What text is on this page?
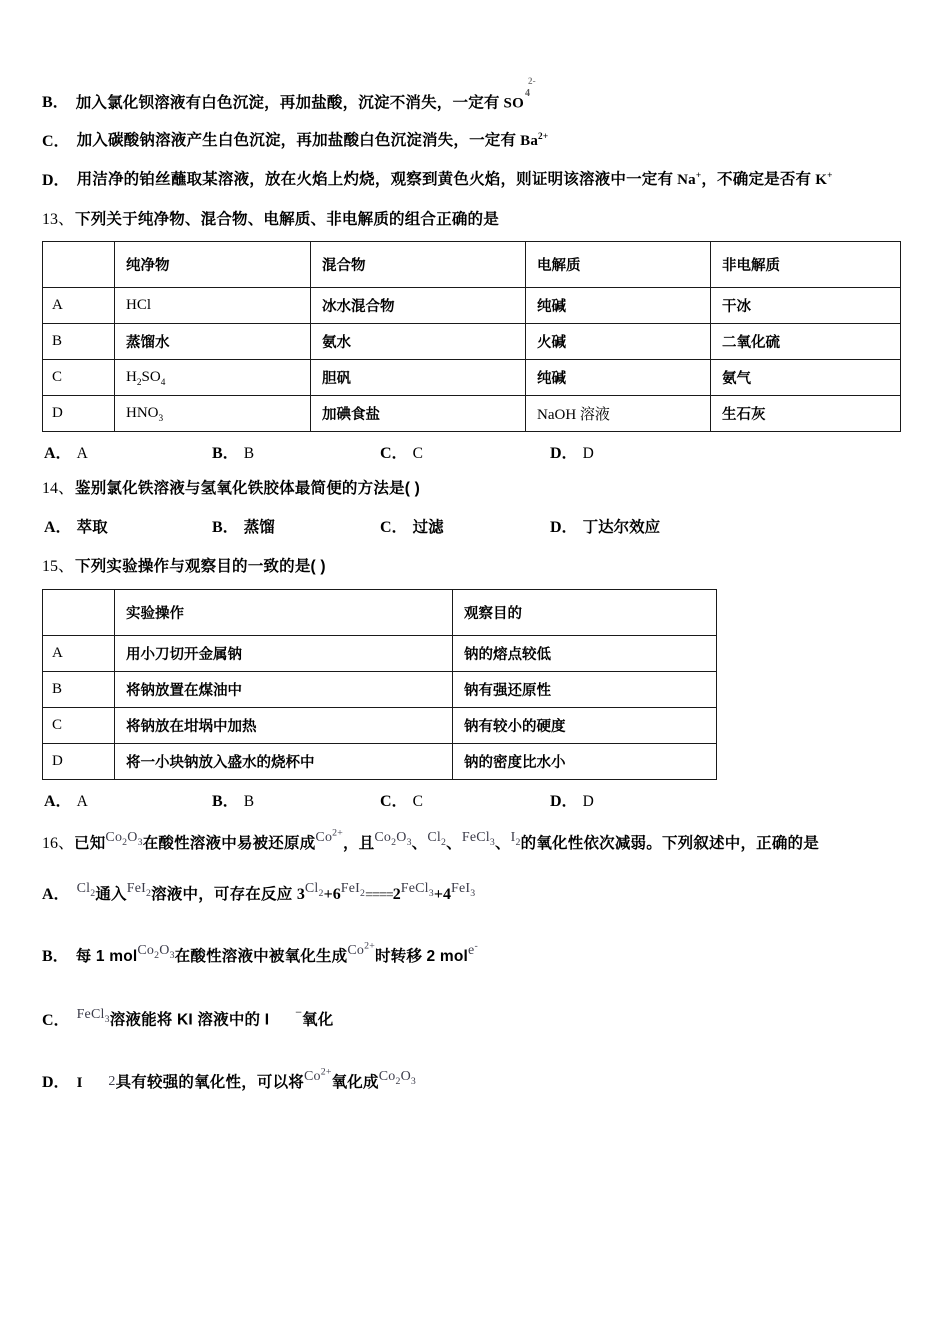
B． 加入氯化钡溶液有白色沉淀，再加盐酸，沉淀不消失，一定有 SO
2-
4
C． 加入碳酸钠溶液产生白色沉淀，再加盐酸白色沉淀消失，一定有 $Ba^{2+}$
D． 用洁净的铂丝蘸取某溶液，放在火焰上灼烧，观察到黄色火焰，则证明该溶液中一定有 Na+，不确定是否有 K+
13、下列关于纯净物、混合物、电解质、非电解质的组合正确的是
	纯净物	混合物	电解质	非电解质
A	HCl	冰水混合物	纯碱	干冰
B	蒸馏水	氨水	火碱	二氧化硫
C	$H_2SO_4$	胆矾	纯碱	氨气
D	$HNO_3$	加碘食盐	NaOH 溶液	生石灰
A． A	B． B	C． C	D． D
14、鉴别氯化铁溶液与氢氧化铁胶体最简便的方法是( )
A． 萃取	B． 蒸馏	C． 过滤	D． 丁达尔效应
15、下列实验操作与观察目的一致的是( )
	实验操作	观察目的
A	用小刀切开金属钠	钠的熔点较低
B	将钠放置在煤油中	钠有强还原性
C	将钠放在坩埚中加热	钠有较小的硬度
D	将一小块钠放入盛水的烧杯中	钠的密度比水小
A． A	B． B	C． C	D． D
16、已知$Co_2O_3$在酸性溶液中易被还原成$Co^{2+}$，且$Co_2O_3$、$Cl_2$、FeCl$_3$、$I_2$的氧化性依次减弱。下列叙述中，正确的是
A． $Cl_2$通入FeI$_2$溶液中，可存在反应 $3Cl_2+6FeI_2====2FeCl_3+4FeI_3$
B． 每 1 $molCo_2O_3$在酸性溶液中被氧化生成$Co^{2+}$时转移 2 mole-
C． FeCl$_3$溶液能将 KI 溶液中的 I −氧化
D． I 2具有较强的氧化性，可以将$Co^{2+}$氧化成$Co_2O_3$
